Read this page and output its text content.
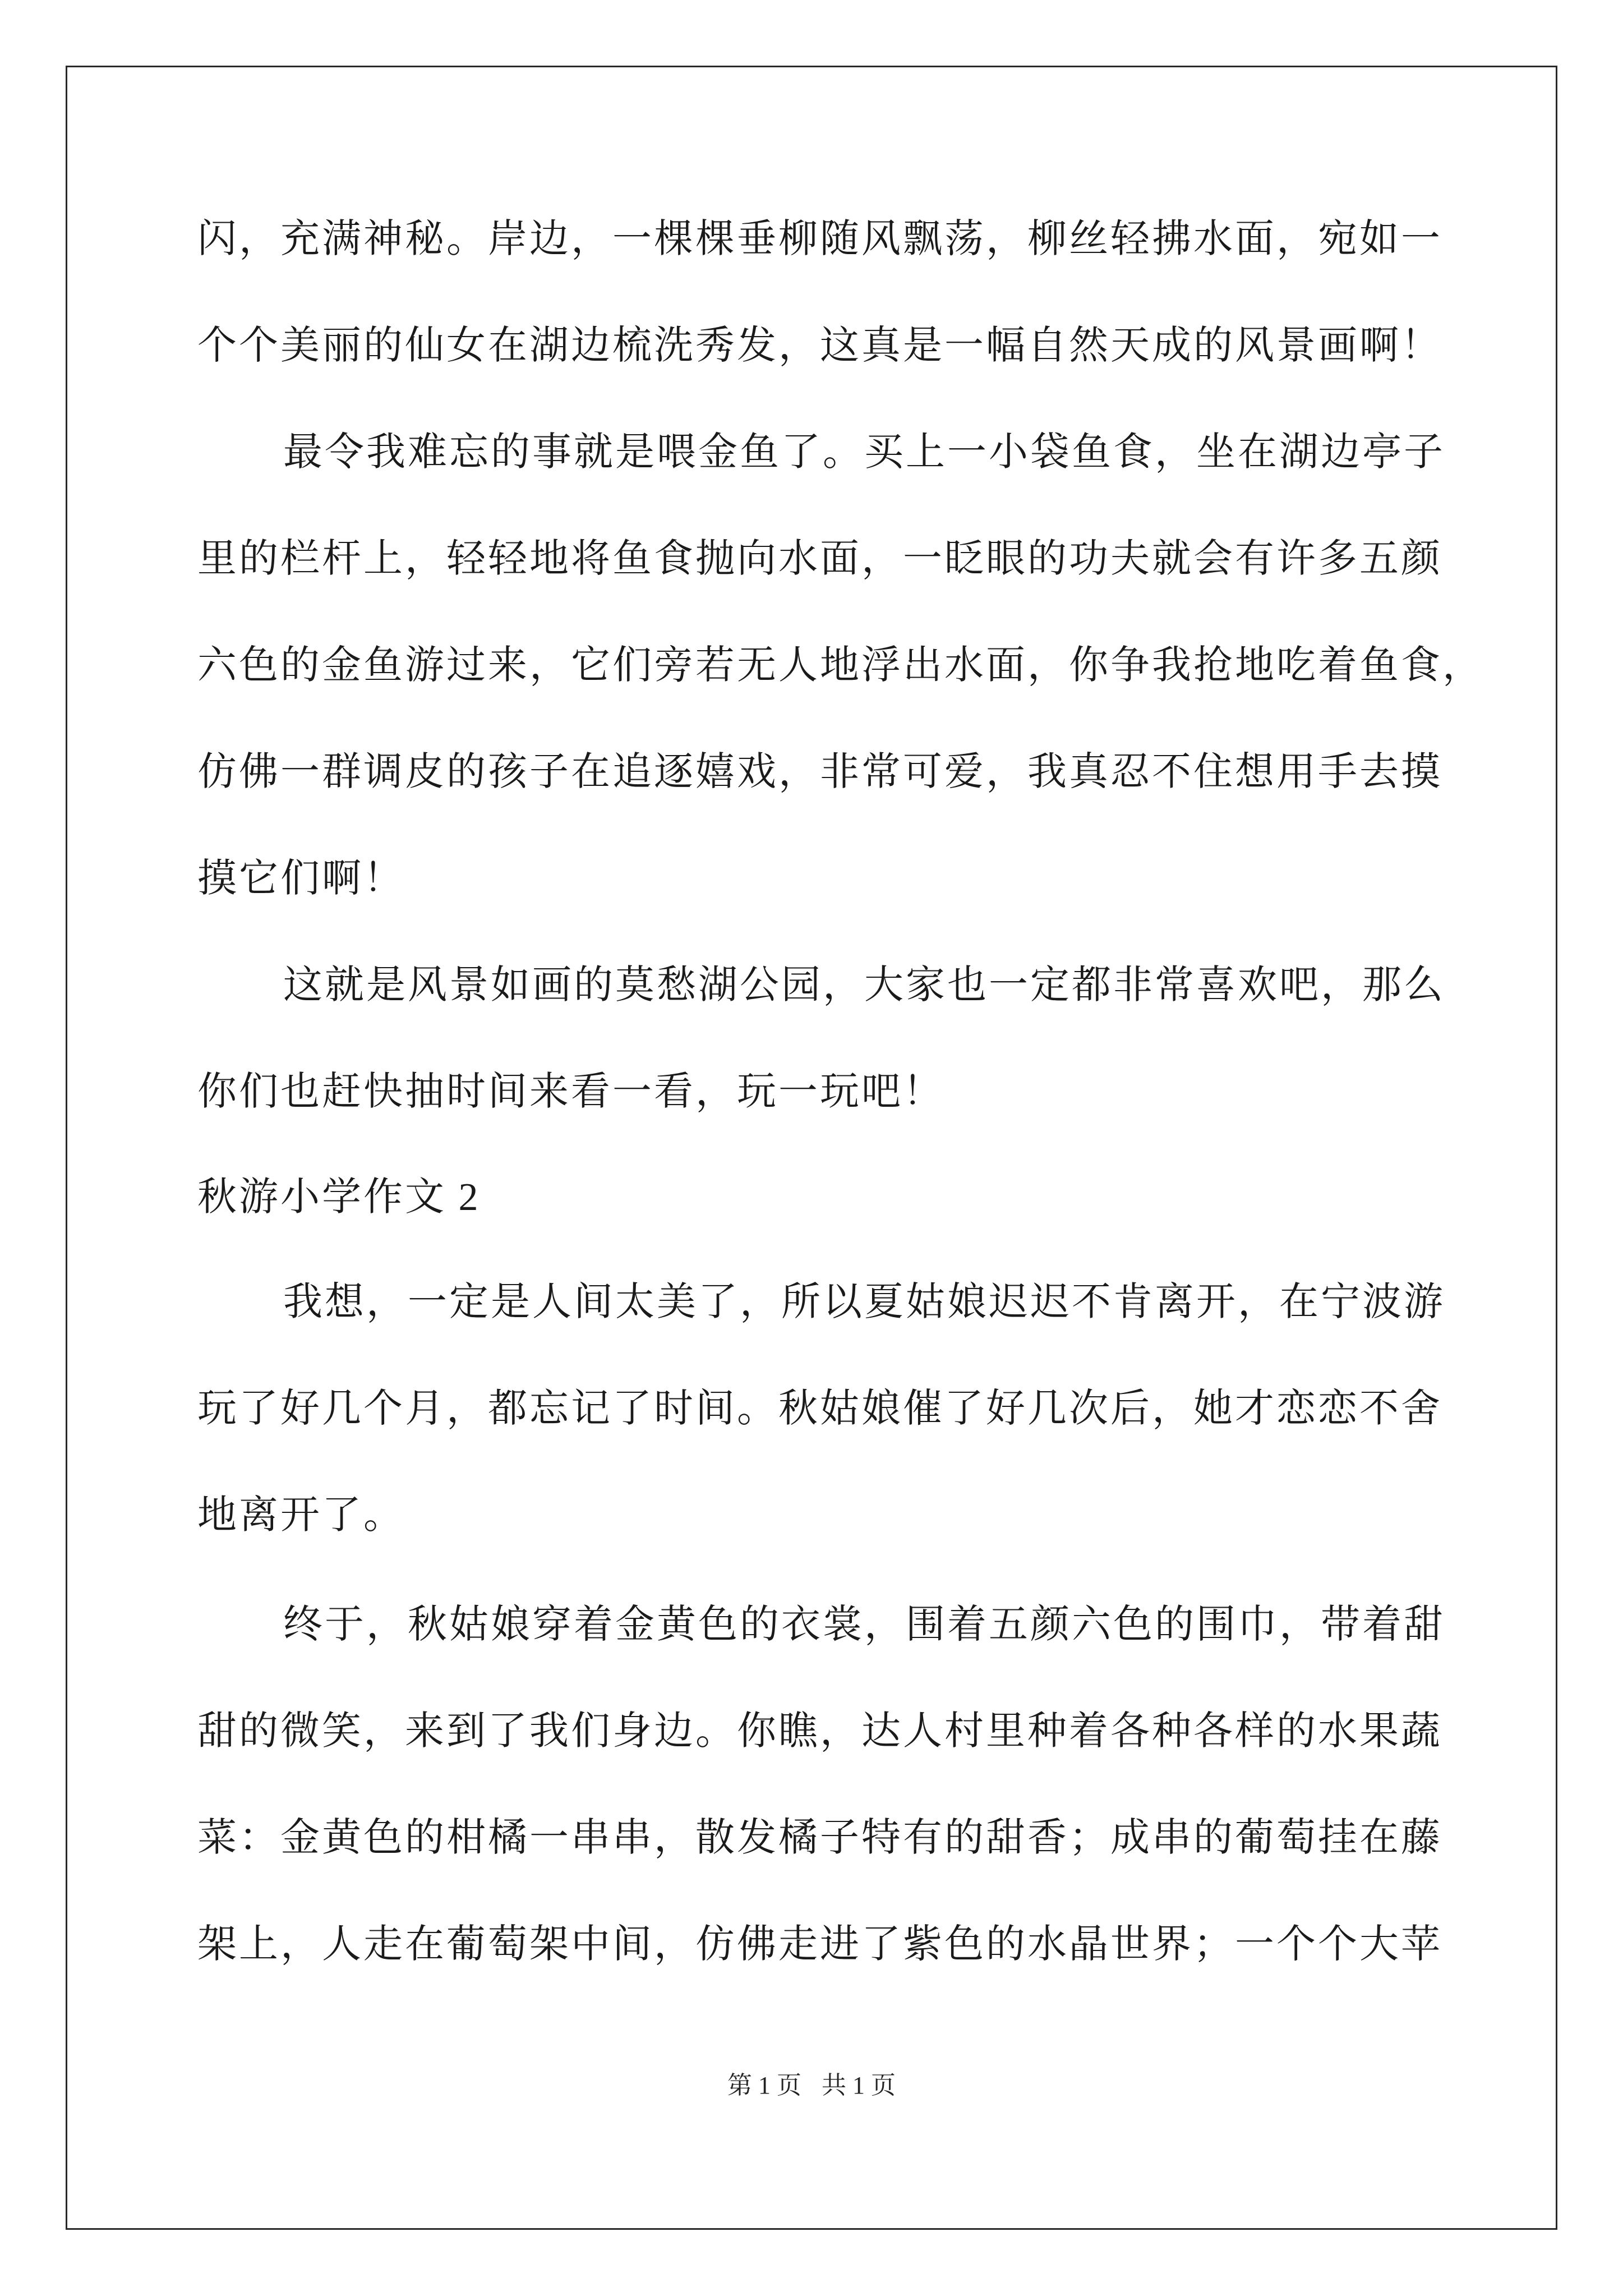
闪，充满神秘。岸边，一棵棵垂柳随风飘荡，柳丝轻拂水面，宛如一
个个美丽的仙女在湖边梳洗秀发，这真是一幅自然天成的风景画啊！
最令我难忘的事就是喂金鱼了。买上一小袋鱼食，坐在湖边亭子
里的栏杆上，轻轻地将鱼食抛向水面，一眨眼的功夫就会有许多五颜
六色的金鱼游过来，它们旁若无人地浮出水面，你争我抢地吃着鱼食，
仿佛一群调皮的孩子在追逐嬉戏，非常可爱，我真忍不住想用手去摸
摸它们啊！
这就是风景如画的莫愁湖公园，大家也一定都非常喜欢吧，那么
你们也赶快抽时间来看一看，玩一玩吧！
秋游小学作文 2
我想，一定是人间太美了，所以夏姑娘迟迟不肯离开，在宁波游
玩了好几个月，都忘记了时间。秋姑娘催了好几次后，她才恋恋不舍
地离开了。
终于，秋姑娘穿着金黄色的衣裳，围着五颜六色的围巾，带着甜
甜的微笑，来到了我们身边。你瞧，达人村里种着各种各样的水果蔬
菜：金黄色的柑橘一串串，散发橘子特有的甜香；成串的葡萄挂在藤
架上，人走在葡萄架中间，仿佛走进了紫色的水晶世界；一个个大苹
第 1 页 共 1 页
